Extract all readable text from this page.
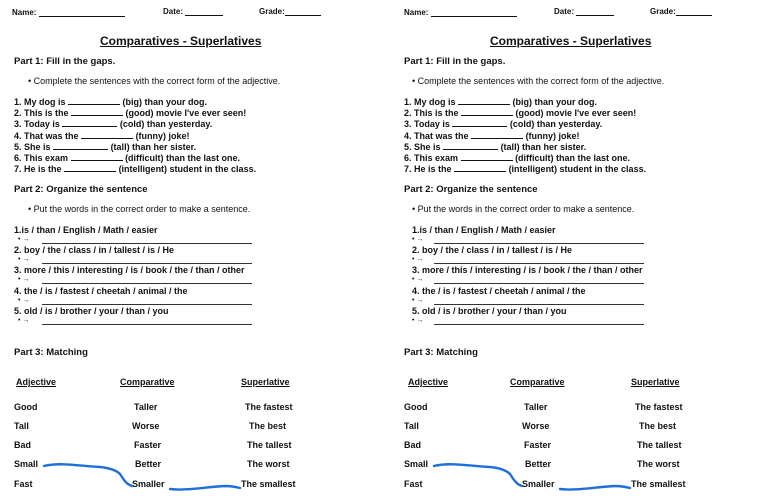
Name:	Date:	Grade:
Comparatives - Superlatives
Part 1: Fill in the gaps.
• Complete the sentences with the correct form of the adjective.
1. My dog is	(big) than your dog.
2. This is the	(good) movie I've ever seen!
3. Today is	(cold) than yesterday.
4. That was the	(funny) joke!
5. She is	(tall) than her sister.
6. This exam	(difficult) than the last one.
7. He is the	(intelligent) student in the class.
Part 2: Organize the sentence
• Put the words in the correct order to make a sentence.
1.is / than / English / Math / easier
• →
2. boy / the / class / in / tallest / is / He
• →
3. more / this / interesting / is / book / the / than / other
• →
4. the / is / fastest / cheetah / animal / the
• →
5. old / is / brother / your / than / you
• →
Part 3: Matching
Adjective	Comparative	Superlative
Good	Taller	The fastest
Tall	Worse	The best
Bad	Faster	The tallest
Small	Better	The worst
Fast	Smaller	The smallest
Name:	Date:	Grade:
Comparatives - Superlatives
Part 1: Fill in the gaps.
• Complete the sentences with the correct form of the adjective.
1. My dog is	(big) than your dog.
2. This is the	(good) movie I've ever seen!
3. Today is	(cold) than yesterday.
4. That was the	(funny) joke!
5. She is	(tall) than her sister.
6. This exam	(difficult) than the last one.
7. He is the	(intelligent) student in the class.
Part 2: Organize the sentence
• Put the words in the correct order to make a sentence.
1.is / than / English / Math / easier
• →
2. boy / the / class / in / tallest / is / He
• →
3. more / this / interesting / is / book / the / than / other
• →
4. the / is / fastest / cheetah / animal / the
• →
5. old / is / brother / your / than / you
• →
Part 3: Matching
Adjective	Comparative	Superlative
Good	Taller	The fastest
Tall	Worse	The best
Bad	Faster	The tallest
Small	Better	The worst
Fast	Smaller	The smallest
